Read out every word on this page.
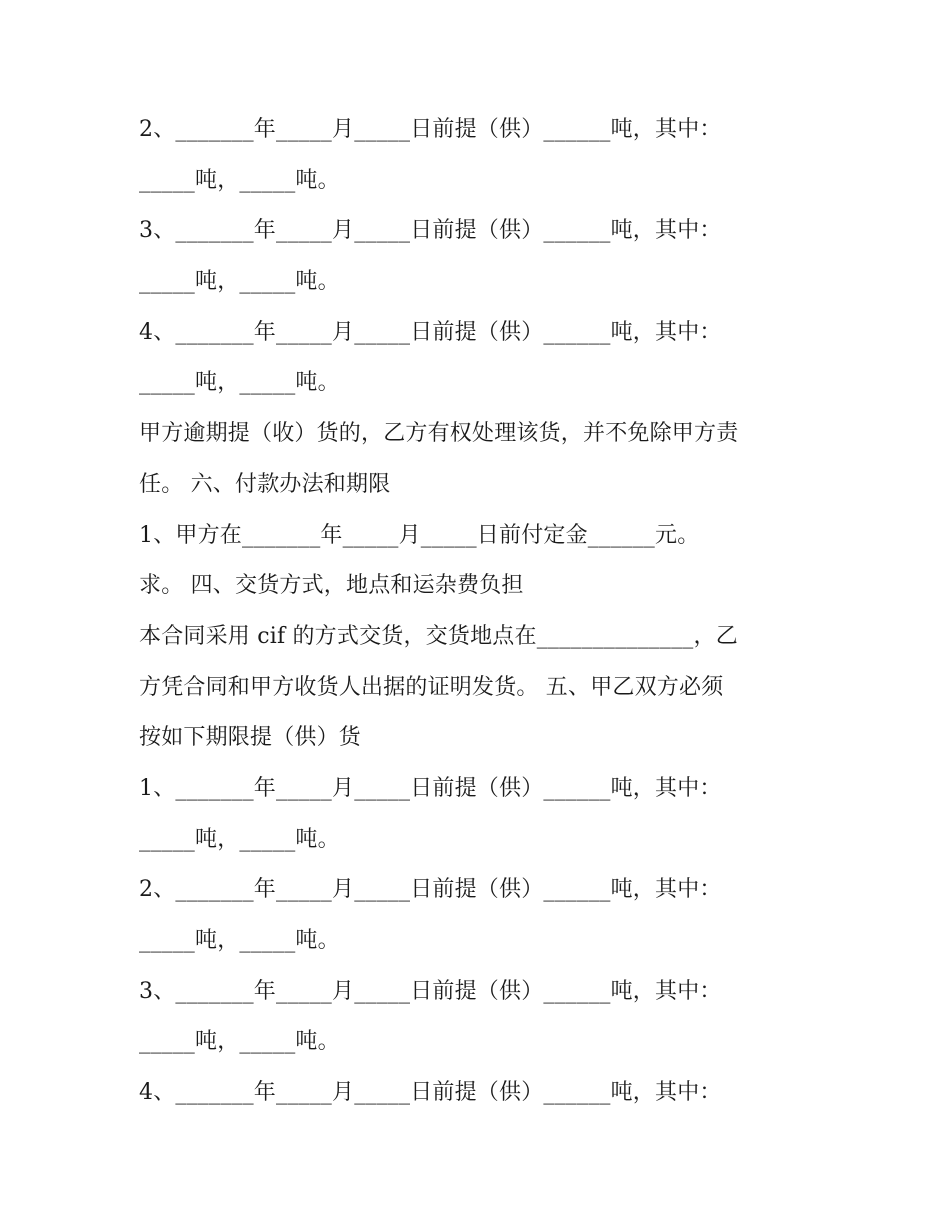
2、_______年_____月_____日前提（供）______吨，其中：
_____吨，_____吨。
3、_______年_____月_____日前提（供）______吨，其中：
_____吨，_____吨。
4、_______年_____月_____日前提（供）______吨，其中：
_____吨，_____吨。
甲方逾期提（收）货的，乙方有权处理该货，并不免除甲方责
任。 六、付款办法和期限
1、甲方在_______年_____月_____日前付定金______元。
求。 四、交货方式，地点和运杂费负担
本合同采用 cif 的方式交货，交货地点在______________，乙
方凭合同和甲方收货人出据的证明发货。 五、甲乙双方必须
按如下期限提（供）货
1、_______年_____月_____日前提（供）______吨，其中：
_____吨，_____吨。
2、_______年_____月_____日前提（供）______吨，其中：
_____吨，_____吨。
3、_______年_____月_____日前提（供）______吨，其中：
_____吨，_____吨。
4、_______年_____月_____日前提（供）______吨，其中：
